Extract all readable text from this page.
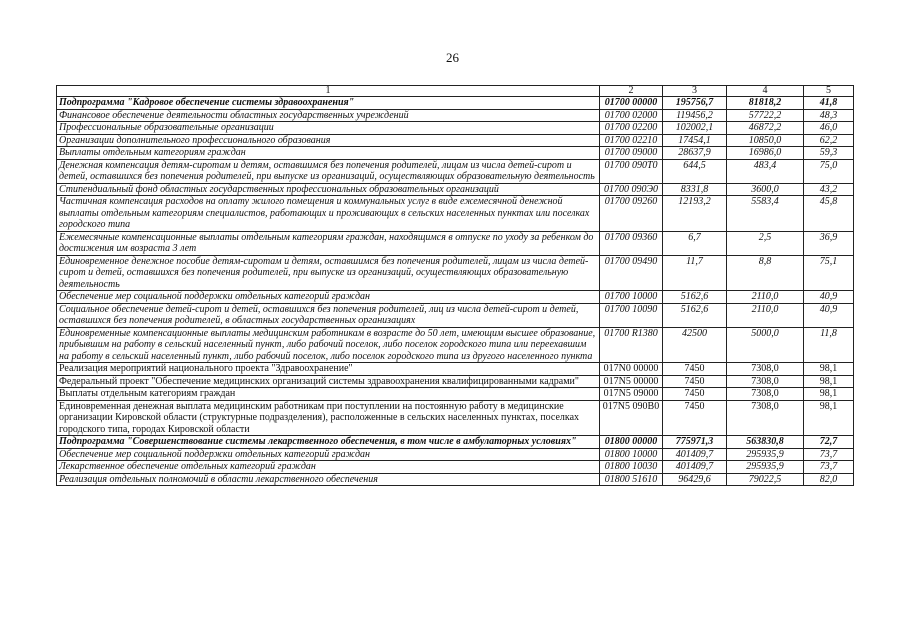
26
1	2	3	4	5
Подпрограмма "Кадровое обеспечение системы здравоохранения"	01700 00000	195756,7	81818,2	41,8
Финансовое обеспечение деятельности областных государственных учреждений	01700 02000	119456,2	57722,2	48,3
Профессиональные образовательные организации	01700 02200	102002,1	46872,2	46,0
Организации дополнительного профессионального образования	01700 02210	17454,1	10850,0	62,2
Выплаты отдельным категориям граждан	01700 09000	28637,9	16986,0	59,3
Денежная компенсация детям-сиротам и детям, оставшимся без попечения родителей, лицам из числа детей-сирот и детей, оставшихся без попечения родителей, при выпуске из организаций, осуществляющих образовательную деятельность	01700 090Т0	644,5	483,4	75,0
Стипендиальный фонд областных государственных профессиональных образовательных организаций	01700 090Э0	8331,8	3600,0	43,2
Частичная компенсация расходов на оплату жилого помещения и коммунальных услуг в виде ежемесячной денежной выплаты отдельным категориям специалистов, работающих и проживающих в сельских населенных пунктах или поселках городского типа	01700 09260	12193,2	5583,4	45,8
Ежемесячные компенсационные выплаты отдельным категориям граждан, находящимся в отпуске по уходу за ребенком до достижения им возраста 3 лет	01700 09360	6,7	2,5	36,9
Единовременное денежное пособие детям-сиротам и детям, оставшимся без попечения родителей, лицам из числа детей-сирот и детей, оставшихся без попечения родителей, при выпуске из организаций, осуществляющих образовательную деятельность	01700 09490	11,7	8,8	75,1
Обеспечение мер социальной поддержки отдельных категорий граждан	01700 10000	5162,6	2110,0	40,9
Социальное обеспечение детей-сирот и детей, оставшихся без попечения родителей, лиц из числа детей-сирот и детей, оставшихся без попечения родителей, в областных государственных организациях	01700 10090	5162,6	2110,0	40,9
Единовременные компенсационные выплаты медицинским работникам в возрасте до 50 лет, имеющим высшее образование, прибывшим на работу в сельский населенный пункт, либо рабочий поселок, либо поселок городского типа или переехавшим на работу в сельский населенный пункт, либо рабочий поселок, либо поселок городского типа из другого населенного пункта	01700 R1380	42500	5000,0	11,8
Реализация мероприятий национального проекта "Здравоохранение"	017N0 00000	7450	7308,0	98,1
Федеральный проект "Обеспечение медицинских организаций системы здравоохранения квалифицированными кадрами"	017N5 00000	7450	7308,0	98,1
Выплаты отдельным категориям граждан	017N5 09000	7450	7308,0	98,1
Единовременная денежная выплата медицинским работникам при поступлении на постоянную работу в медицинские организации Кировской области (структурные подразделения), расположенные в сельских населенных пунктах, поселках городского типа, городах Кировской области	017N5 090B0	7450	7308,0	98,1
Подпрограмма "Совершенствование системы лекарственного обеспечения, в том числе в амбулаторных условиях"	01800 00000	775971,3	563830,8	72,7
Обеспечение мер социальной поддержки отдельных категорий граждан	01800 10000	401409,7	295935,9	73,7
Лекарственное обеспечение отдельных категорий граждан	01800 10030	401409,7	295935,9	73,7
Реализация отдельных полномочий в области лекарственного обеспечения	01800 51610	96429,6	79022,5	82,0
